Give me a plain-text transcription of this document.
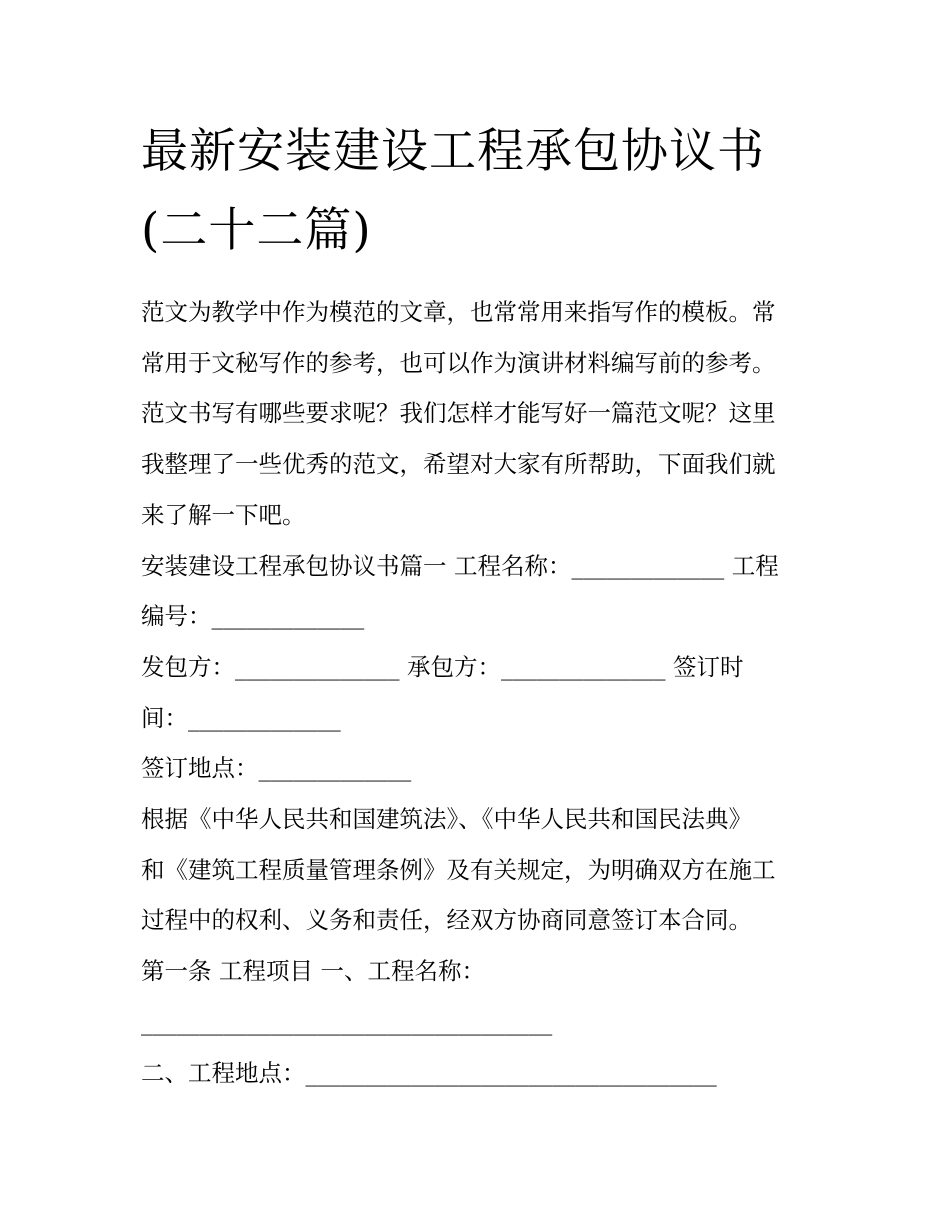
最新安装建设工程承包协议书
(二十二篇)
范文为教学中作为模范的文章，也常常用来指写作的模板。常
常用于文秘写作的参考，也可以作为演讲材料编写前的参考。
范文书写有哪些要求呢？我们怎样才能写好一篇范文呢？这里
我整理了一些优秀的范文，希望对大家有所帮助，下面我们就
来了解一下吧。
安装建设工程承包协议书篇一 工程名称：_____________ 工程
编号：_____________
发包方：______________ 承包方：______________ 签订时
间：_____________
签订地点：_____________
根据《中华人民共和国建筑法》、《中华人民共和国民法典》
和《建筑工程质量管理条例》及有关规定，为明确双方在施工
过程中的权利、义务和责任，经双方协商同意签订本合同。
第一条 工程项目 一、工程名称：
___________________________________
二、工程地点：___________________________________
